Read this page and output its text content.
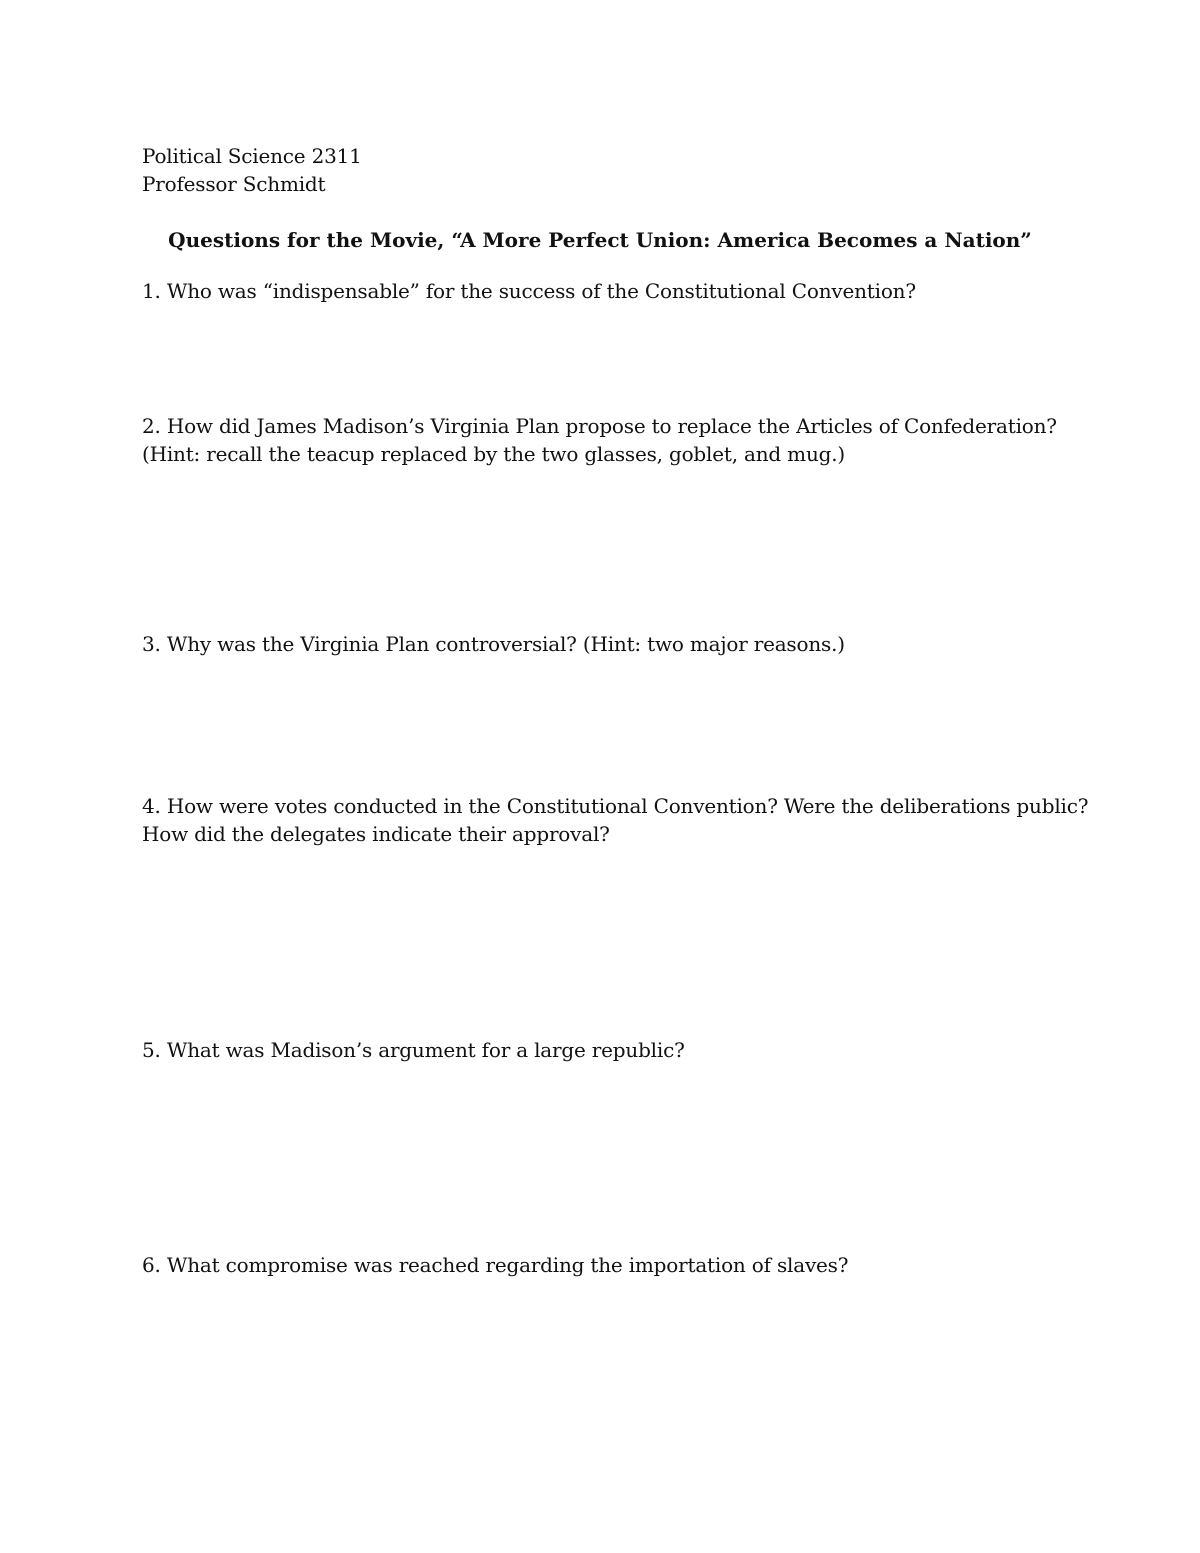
Political Science 2311
Professor Schmidt
Questions for the Movie, “A More Perfect Union: America Becomes a Nation”
1. Who was “indispensable” for the success of the Constitutional Convention?
2. How did James Madison’s Virginia Plan propose to replace the Articles of Confederation?
(Hint: recall the teacup replaced by the two glasses, goblet, and mug.)
3. Why was the Virginia Plan controversial? (Hint: two major reasons.)
4. How were votes conducted in the Constitutional Convention? Were the deliberations public?
How did the delegates indicate their approval?
5. What was Madison’s argument for a large republic?
6. What compromise was reached regarding the importation of slaves?
